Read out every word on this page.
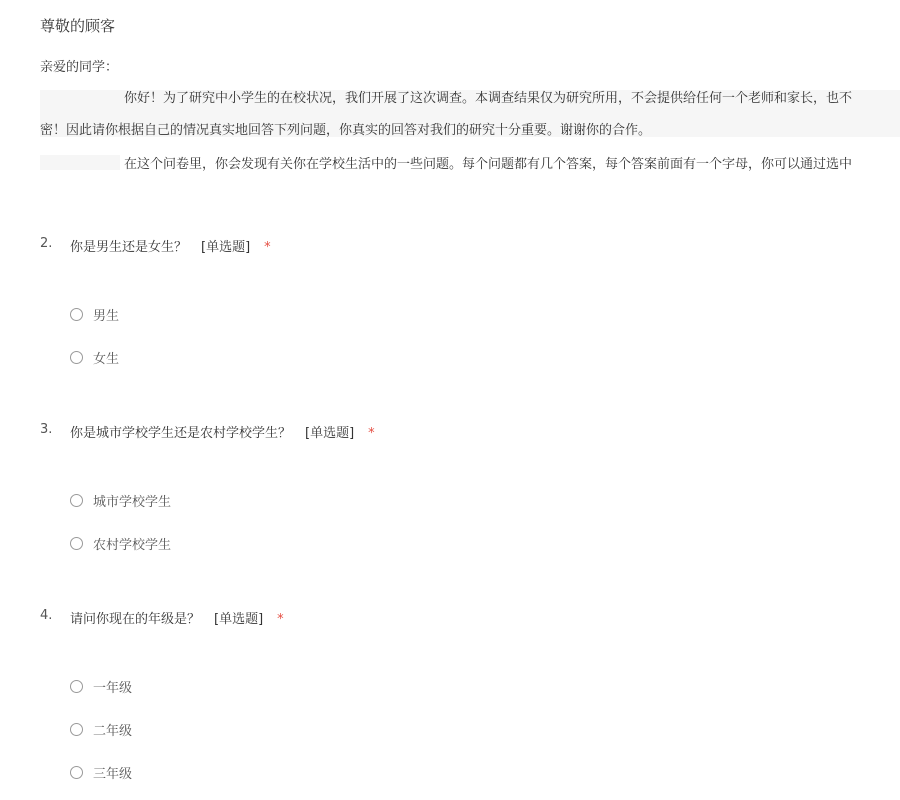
尊敬的顾客
亲爱的同学：
你好！为了研究中小学生的在校状况，我们开展了这次调查。本调查结果仅为研究所用，不会提供给任何一个老师和家长，也不
密！因此请你根据自己的情况真实地回答下列问题，你真实的回答对我们的研究十分重要。谢谢你的合作。
在这个问卷里，你会发现有关你在学校生活中的一些问题。每个问题都有几个答案，每个答案前面有一个字母，你可以通过选中
2. 你是男生还是女生？ [单选题] *
男生
女生
3. 你是城市学校学生还是农村学校学生？ [单选题] *
城市学校学生
农村学校学生
4. 请问你现在的年级是？ [单选题] *
一年级
二年级
三年级
